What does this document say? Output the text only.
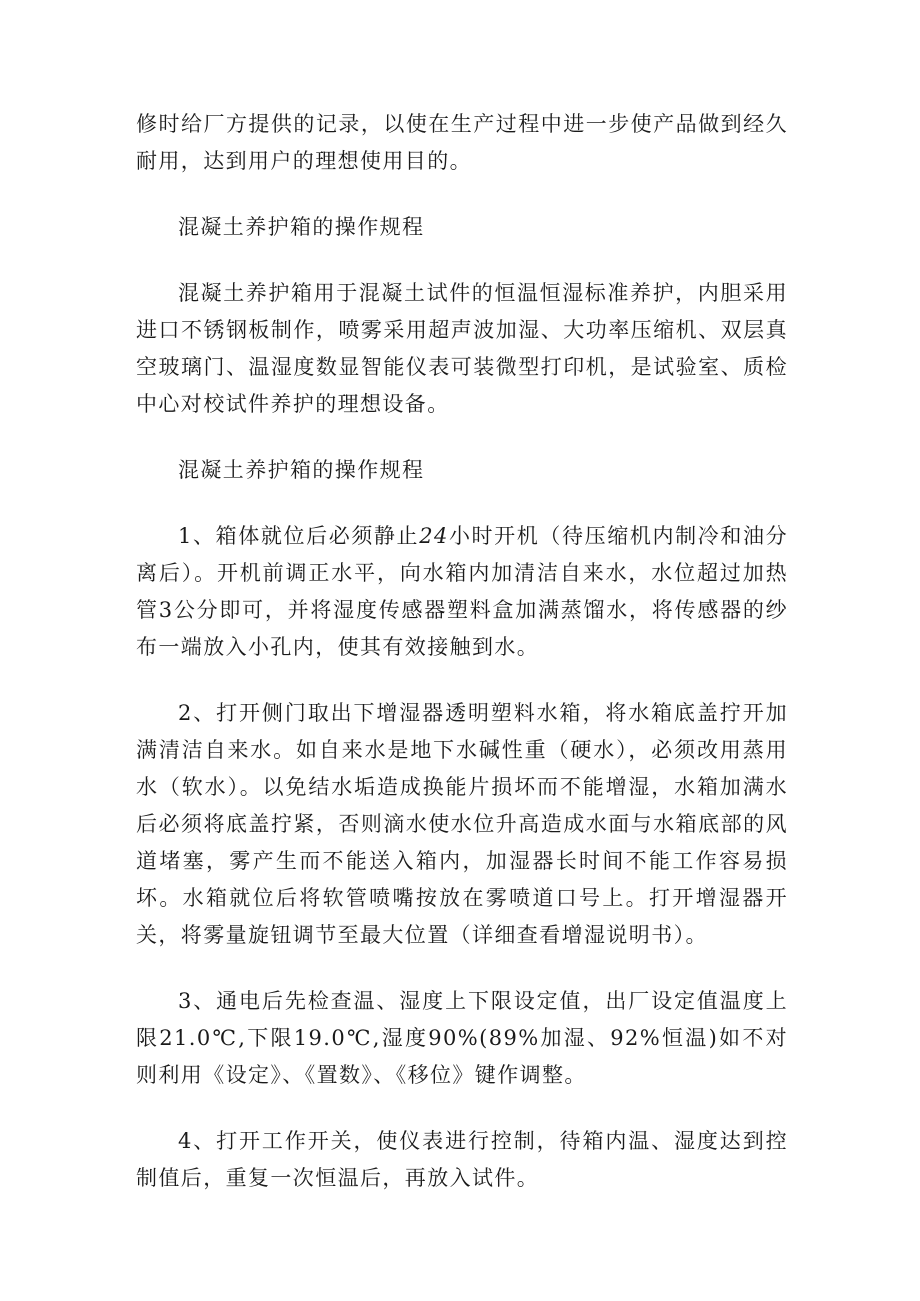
修时给厂方提供的记录，以使在生产过程中进一步使产品做到经久耐用，达到用户的理想使用目的。

混凝土养护箱的操作规程

混凝土养护箱用于混凝土试件的恒温恒湿标准养护，内胆采用进口不锈钢板制作，喷雾采用超声波加湿、大功率压缩机、双层真空玻璃门、温湿度数显智能仪表可装微型打印机，是试验室、质检中心对校试件养护的理想设备。

混凝土养护箱的操作规程

1、箱体就位后必须静止24小时开机（待压缩机内制冷和油分离后）。开机前调正水平，向水箱内加清洁自来水，水位超过加热管3公分即可，并将湿度传感器塑料盒加满蒸馏水，将传感器的纱布一端放入小孔内，使其有效接触到水。

2、打开侧门取出下增湿器透明塑料水箱，将水箱底盖拧开加满清洁自来水。如自来水是地下水碱性重（硬水），必须改用蒸用水（软水）。以免结水垢造成换能片损坏而不能增湿，水箱加满水后必须将底盖拧紧，否则滴水使水位升高造成水面与水箱底部的风道堵塞，雾产生而不能送入箱内，加湿器长时间不能工作容易损坏。水箱就位后将软管喷嘴按放在雾喷道口号上。打开增湿器开关，将雾量旋钮调节至最大位置（详细查看增湿说明书）。

3、通电后先检查温、湿度上下限设定值，出厂设定值温度上限21.0℃,下限19.0℃,湿度90%(89%加湿、92%恒温)如不对则利用《设定》、《置数》、《移位》键作调整。

4、打开工作开关，使仪表进行控制，待箱内温、湿度达到控制值后，重复一次恒温后，再放入试件。
